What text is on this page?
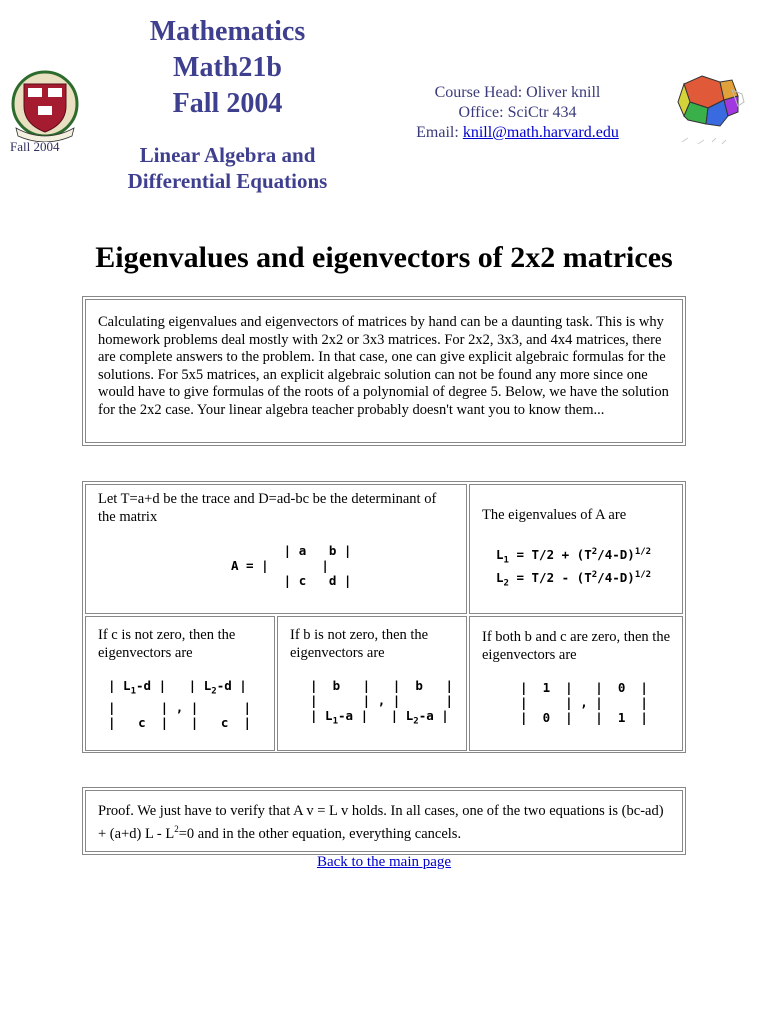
Fall 2004
Mathematics
Math21b
Fall 2004
Linear Algebra and
Differential Equations
Course Head: Oliver knill
Office: SciCtr 434
Email: knill@math.harvard.edu
Eigenvalues and eigenvectors of 2x2 matrices
Calculating eigenvalues and eigenvectors of matrices by hand can be a daunting task. This is why homework problems deal mostly with 2x2 or 3x3 matrices. For 2x2, 3x3, and 4x4 matrices, there are complete answers to the problem. In that case, one can give explicit algebraic formulas for the solutions. For 5x5 matrices, an explicit algebraic solution can not be found any more since one would have to give formulas of the roots of a polynomial of degree 5. Below, we have the solution for the 2x2 case. Your linear algebra teacher probably doesn't want you to know them...
Let T=a+d be the trace and D=ad-bc be the determinant of the matrix
| a   b |
A = |       |
| c   d |
The eigenvalues of A are
$L_1 = T/2 + (T^2/4-D)^{1/2}$
$L_2 = T/2 - (T^2/4-D)^{1/2}$
If c is not zero, then the eigenvectors are
| $L_1-d$ |   | $L_2-d$ |
|      | , |      |
|   c  |   |   c  |
If b is not zero, then the eigenvectors are
|  b   |   |  b   |
|      | , |      |
| $L_1-a$ |   | $L_2-a$ |
If both b and c are zero, then the eigenvectors are
|  1  |   |  0  |
|     | , |     |
|  0  |   |  1  |
Proof. We just have to verify that A v = L v holds. In all cases, one of the two equations is (bc-ad) + (a+d) $L - L^2=0$ and in the other equation, everything cancels.
Back to the main page
